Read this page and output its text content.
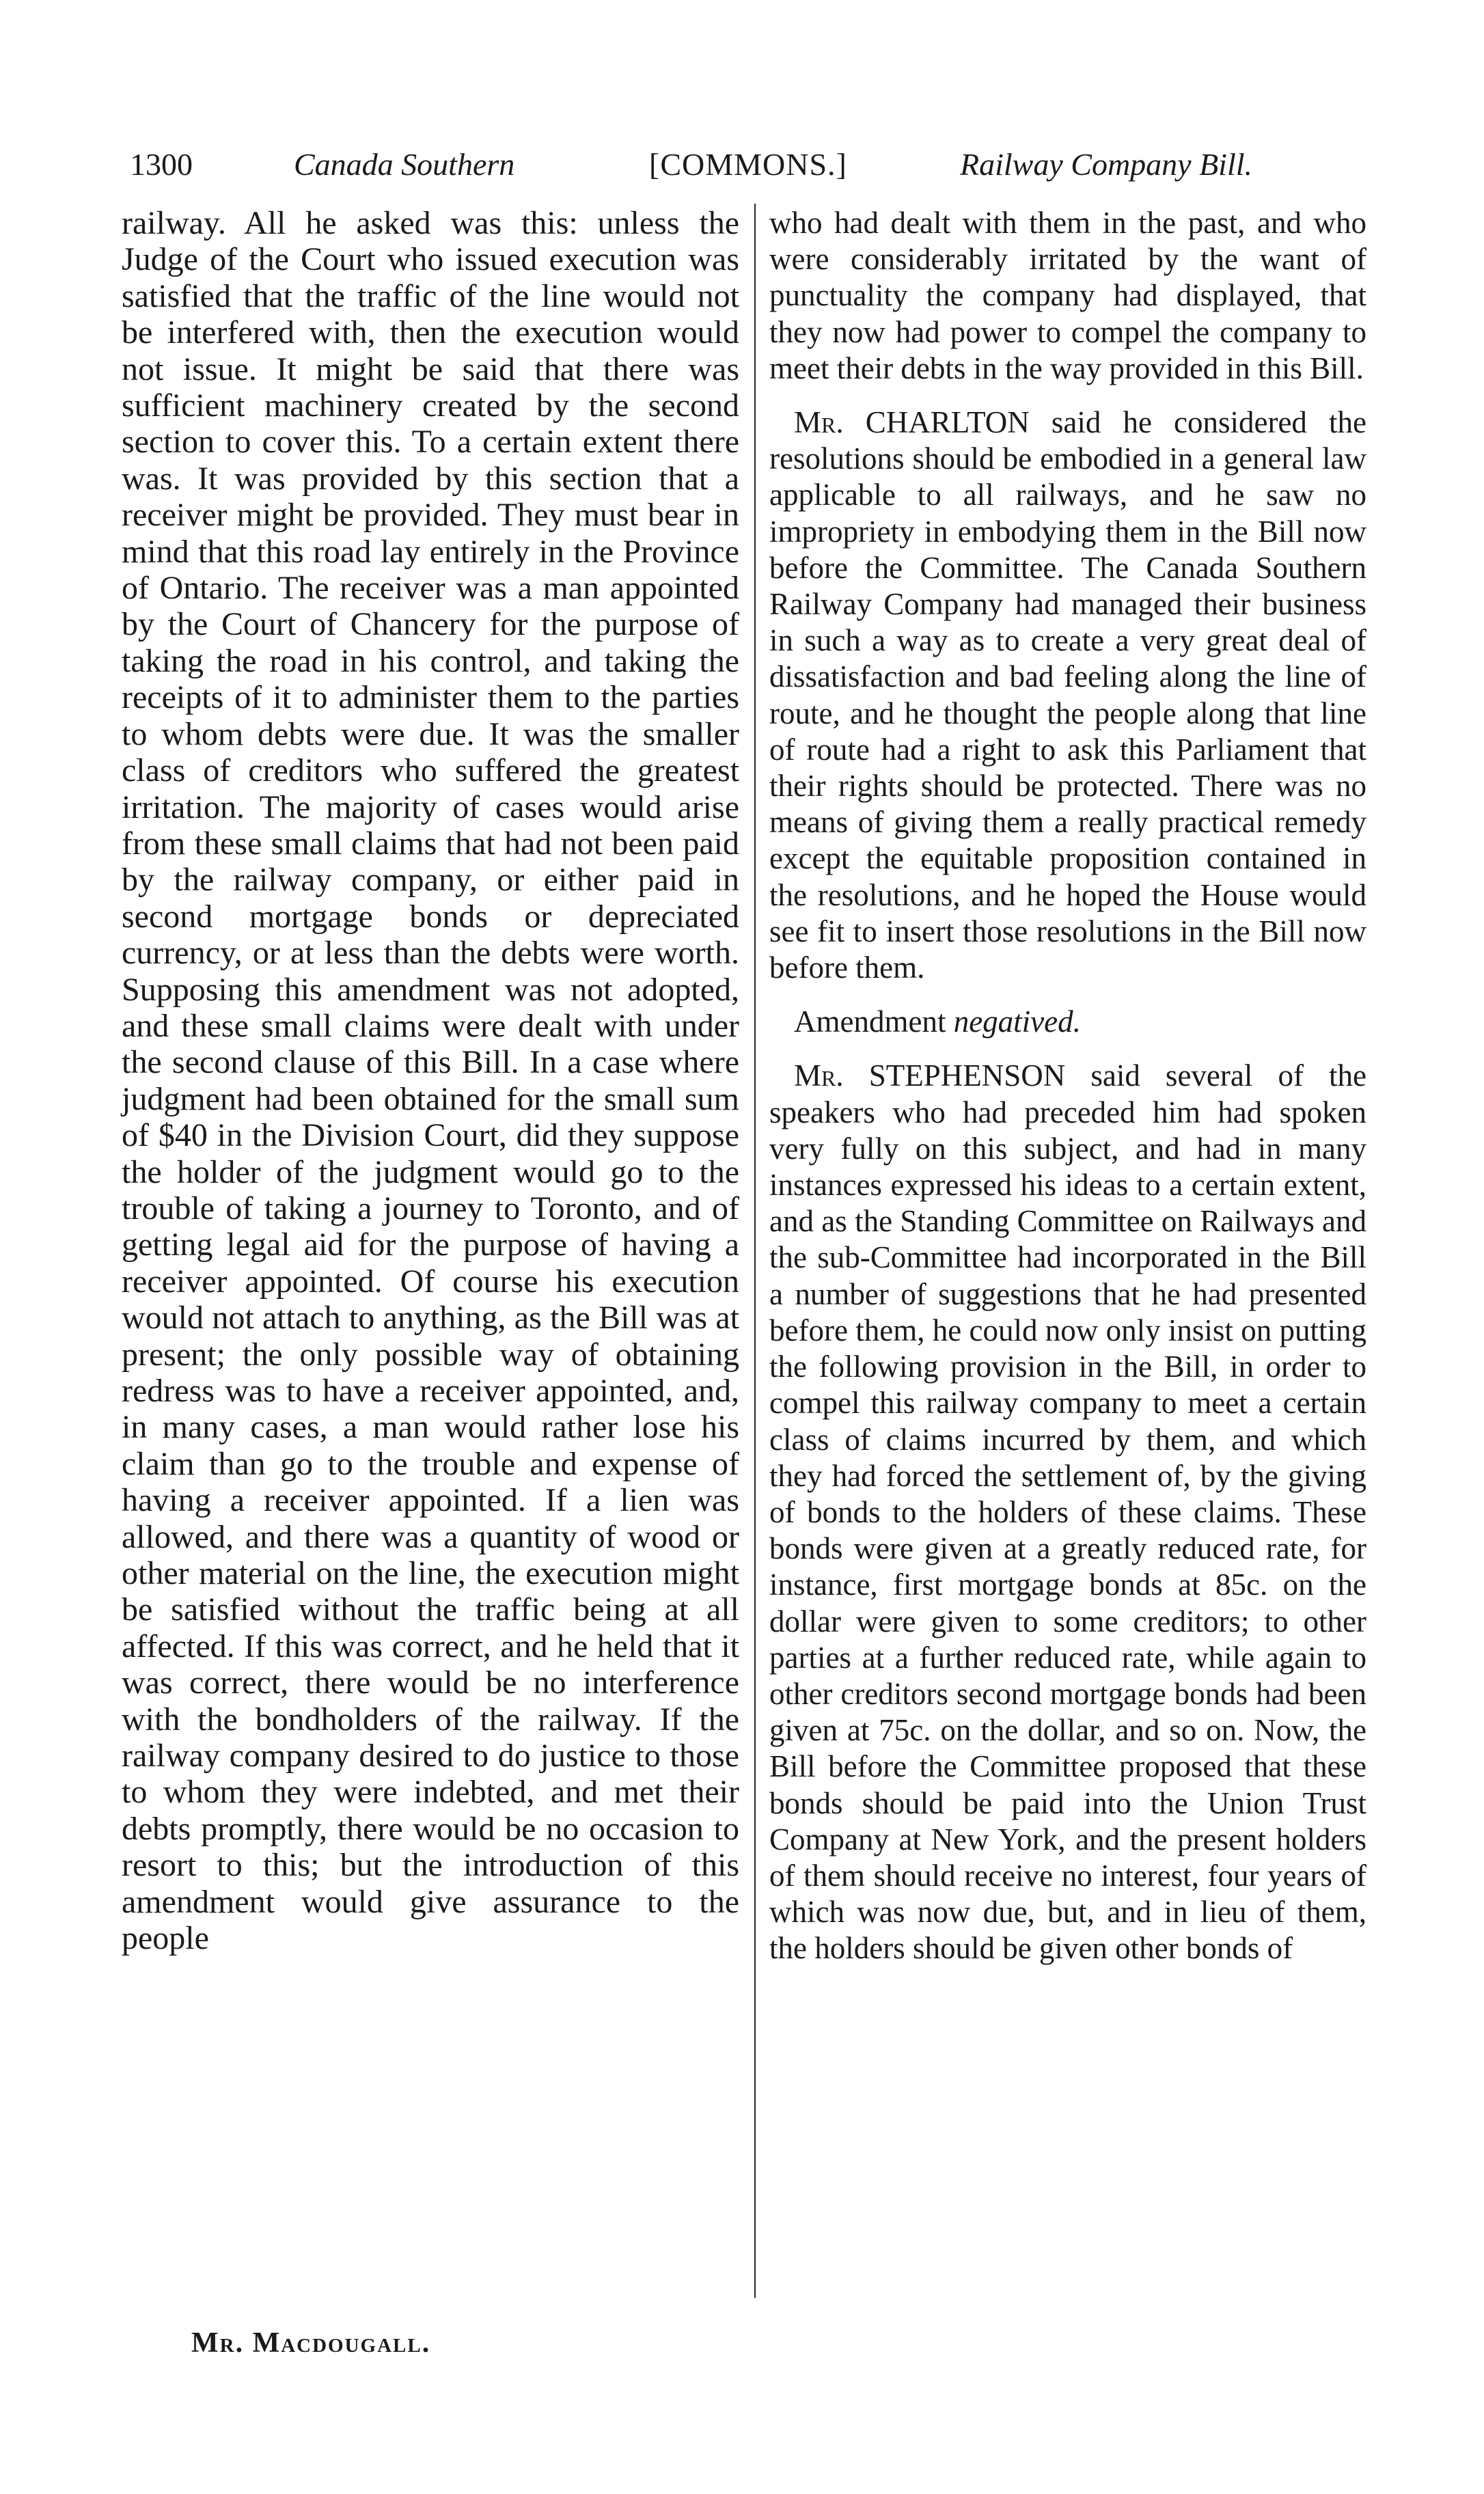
1300	Canada Southern	[COMMONS.]	Railway Company Bill.

railway. All he asked was this: unless the Judge of the Court who issued execution was satisfied that the traffic of the line would not be interfered with, then the execution would not issue. It might be said that there was sufficient machinery created by the second section to cover this. To a certain extent there was. It was provided by this section that a receiver might be provided. They must bear in mind that this road lay entirely in the Province of Ontario. The receiver was a man appointed by the Court of Chancery for the purpose of taking the road in his control, and taking the receipts of it to administer them to the parties to whom debts were due. It was the smaller class of creditors who suffered the greatest irritation. The majority of cases would arise from these small claims that had not been paid by the railway company, or either paid in second mortgage bonds or depreciated currency, or at less than the debts were worth. Supposing this amendment was not adopted, and these small claims were dealt with under the second clause of this Bill. In a case where judgment had been obtained for the small sum of $40 in the Division Court, did they suppose the holder of the judgment would go to the trouble of taking a journey to Toronto, and of getting legal aid for the purpose of having a receiver appointed. Of course his execution would not attach to anything, as the Bill was at present; the only possible way of obtaining redress was to have a receiver appointed, and, in many cases, a man would rather lose his claim than go to the trouble and expense of having a receiver appointed. If a lien was allowed, and there was a quantity of wood or other material on the line, the execution might be satisfied without the traffic being at all affected. If this was correct, and he held that it was correct, there would be no interference with the bondholders of the railway. If the railway company desired to do justice to those to whom they were indebted, and met their debts promptly, there would be no occasion to resort to this; but the introduction of this amendment would give assurance to the people

who had dealt with them in the past, and who were considerably irritated by the want of punctuality the company had displayed, that they now had power to compel the company to meet their debts in the way provided in this Bill.

Mr. CHARLTON said he considered the resolutions should be embodied in a general law applicable to all railways, and he saw no impropriety in embodying them in the Bill now before the Committee. The Canada Southern Railway Company had managed their business in such a way as to create a very great deal of dissatisfaction and bad feeling along the line of route, and he thought the people along that line of route had a right to ask this Parliament that their rights should be protected. There was no means of giving them a really practical remedy except the equitable proposition contained in the resolutions, and he hoped the House would see fit to insert those resolutions in the Bill now before them.

Amendment negatived.

Mr. STEPHENSON said several of the speakers who had preceded him had spoken very fully on this subject, and had in many instances expressed his ideas to a certain extent, and as the Standing Committee on Railways and the sub-Committee had incorporated in the Bill a number of suggestions that he had presented before them, he could now only insist on putting the following provision in the Bill, in order to compel this railway company to meet a certain class of claims incurred by them, and which they had forced the settlement of, by the giving of bonds to the holders of these claims. These bonds were given at a greatly reduced rate, for instance, first mortgage bonds at 85c. on the dollar were given to some creditors; to other parties at a further reduced rate, while again to other creditors second mortgage bonds had been given at 75c. on the dollar, and so on. Now, the Bill before the Committee proposed that these bonds should be paid into the Union Trust Company at New York, and the present holders of them should receive no interest, four years of which was now due, but, and in lieu of them, the holders should be given other bonds of

Mr. Macdougall.
